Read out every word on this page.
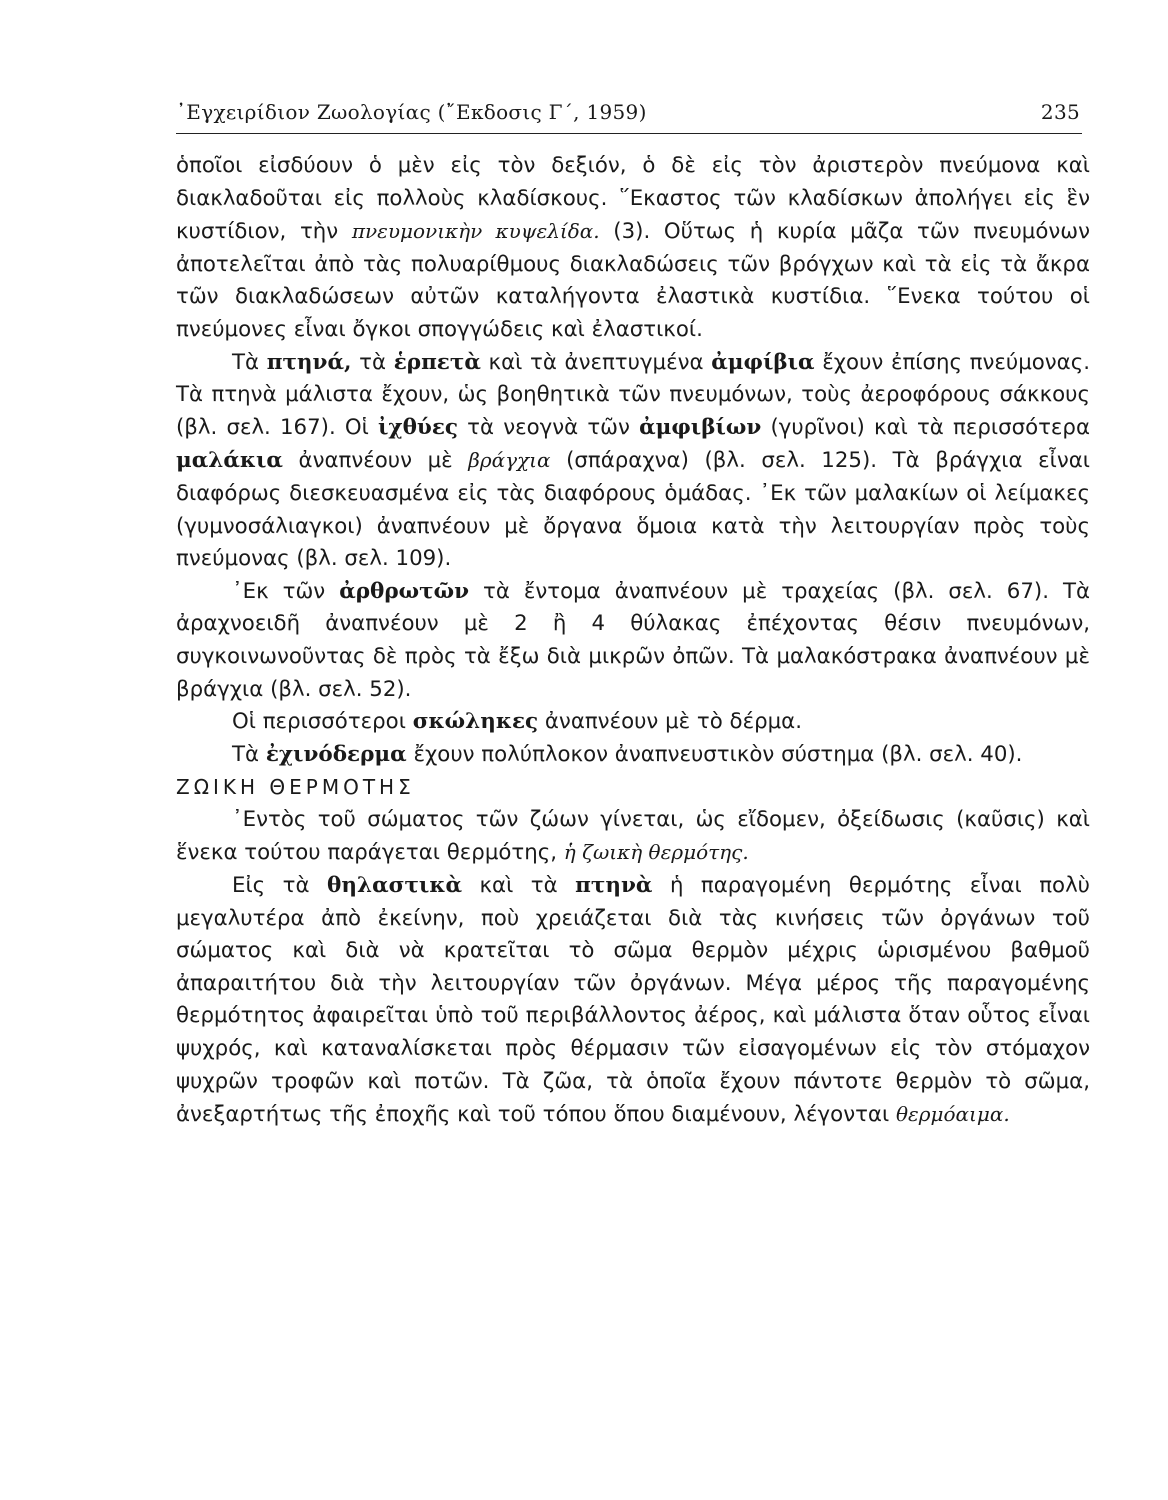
᾿Εγχειρίδιον Ζωολογίας (῎Εκδοσις Γ΄, 1959)	235

ὁποῖοι εἰσδύουν ὁ μὲν εἰς τὸν δεξιόν, ὁ δὲ εἰς τὸν ἀριστερὸν πνεύμονα καὶ διακλαδοῦται εἰς πολλοὺς κλαδίσκους. ῞Εκαστος τῶν κλαδίσκων ἀπολήγει εἰς ἓν κυστίδιον, τὴν πνευμονικὴν κυψελίδα. (3). Οὕτως ἡ κυρία μᾶζα τῶν πνευμόνων ἀποτελεῖται ἀπὸ τὰς πολυαρίθμους διακλαδώσεις τῶν βρόγχων καὶ τὰ εἰς τὰ ἄκρα τῶν διακλαδώσεων αὐτῶν καταλήγοντα ἐλαστικὰ κυστίδια. ῞Ενεκα τούτου οἱ πνεύμονες εἶναι ὄγκοι σπογγώδεις καὶ ἐλαστικοί.

Τὰ πτηνά, τὰ ἑρπετὰ καὶ τὰ ἀνεπτυγμένα ἀμφίβια ἔχουν ἐπίσης πνεύμονας. Τὰ πτηνὰ μάλιστα ἔχουν, ὡς βοηθητικὰ τῶν πνευμόνων, τοὺς ἀεροφόρους σάκκους (βλ. σελ. 167). Οἱ ἰχθύες τὰ νεογνὰ τῶν ἀμφιβίων (γυρῖνοι) καὶ τὰ περισσότερα μαλάκια ἀναπνέουν μὲ βράγχια (σπάραχνα) (βλ. σελ. 125). Τὰ βράγχια εἶναι διαφόρως διεσκευασμένα εἰς τὰς διαφόρους ὁμάδας. ᾿Εκ τῶν μαλακίων οἱ λείμακες (γυμνοσάλιαγκοι) ἀναπνέουν μὲ ὄργανα ὅμοια κατὰ τὴν λειτουργίαν πρὸς τοὺς πνεύμονας (βλ. σελ. 109).

᾿Εκ τῶν ἀρθρωτῶν τὰ ἔντομα ἀναπνέουν μὲ τραχείας (βλ. σελ. 67). Τὰ ἀραχνοειδῆ ἀναπνέουν μὲ 2 ἢ 4 θύλακας ἐπέχοντας θέσιν πνευμόνων, συγκοινωνοῦντας δὲ πρὸς τὰ ἔξω διὰ μικρῶν ὀπῶν. Τὰ μαλακόστρακα ἀναπνέουν μὲ βράγχια (βλ. σελ. 52).

Οἱ περισσότεροι σκώληκες ἀναπνέουν μὲ τὸ δέρμα.

Τὰ ἐχινόδερμα ἔχουν πολύπλοκον ἀναπνευστικὸν σύστημα (βλ. σελ. 40).

ΖΩΙΚΗ ΘΕΡΜΟΤΗΣ

᾿Εντὸς τοῦ σώματος τῶν ζώων γίνεται, ὡς εἴδομεν, ὀξείδωσις (καῦσις) καὶ ἕνεκα τούτου παράγεται θερμότης, ἡ ζωικὴ θερμότης.

Εἰς τὰ θηλαστικὰ καὶ τὰ πτηνὰ ἡ παραγομένη θερμότης εἶναι πολὺ μεγαλυτέρα ἀπὸ ἐκείνην, ποὺ χρειάζεται διὰ τὰς κινήσεις τῶν ὀργάνων τοῦ σώματος καὶ διὰ νὰ κρατεῖται τὸ σῶμα θερμὸν μέχρις ὡρισμένου βαθμοῦ ἀπαραιτήτου διὰ τὴν λειτουργίαν τῶν ὀργάνων. Μέγα μέρος τῆς παραγομένης θερμότητος ἀφαιρεῖται ὑπὸ τοῦ περιβάλλοντος ἀέρος, καὶ μάλιστα ὅταν οὗτος εἶναι ψυχρός, καὶ καταναλίσκεται πρὸς θέρμασιν τῶν εἰσαγομένων εἰς τὸν στόμαχον ψυχρῶν τροφῶν καὶ ποτῶν. Τὰ ζῶα, τὰ ὁποῖα ἔχουν πάντοτε θερμὸν τὸ σῶμα, ἀνεξαρτήτως τῆς ἐποχῆς καὶ τοῦ τόπου ὅπου διαμένουν, λέγονται θερμόαιμα.
